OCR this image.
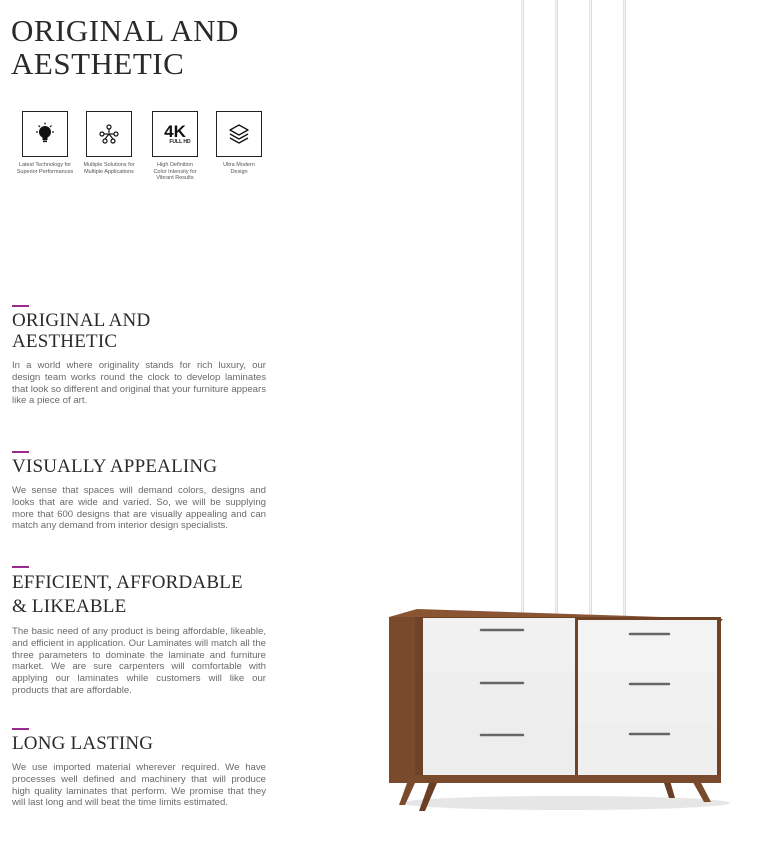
ORIGINAL AND AESTHETIC
Latest Technology for
Superior Performances
Multiple Solutions for
Multiple Applications
4K
FULL HD
High Definition
Color Intensity for
Vibrant Results
Ultra Modern
Design
ORIGINAL AND AESTHETIC

In a world where originality stands for rich luxury, our design team works round the clock to develop laminates that look so different and original that your furniture appears like a piece of art.

VISUALLY APPEALING

We sense that spaces will demand colors, designs and looks that are wide and varied. So, we will be supplying more that 600 designs that are visually appealing and can match any demand from interior design specialists.

EFFICIENT, AFFORDABLE & LIKEABLE

The basic need of any product is being affordable, likeable, and efficient in application. Our Laminates will match all the three parameters to dominate the laminate and furniture market. We are sure carpenters will comfortable with applying our laminates while customers will like our products that are affordable.

LONG LASTING

We use imported material wherever required. We have processes well defined and machinery that will produce high quality laminates that perform. We promise that they will last long and will beat the time limits estimated.
